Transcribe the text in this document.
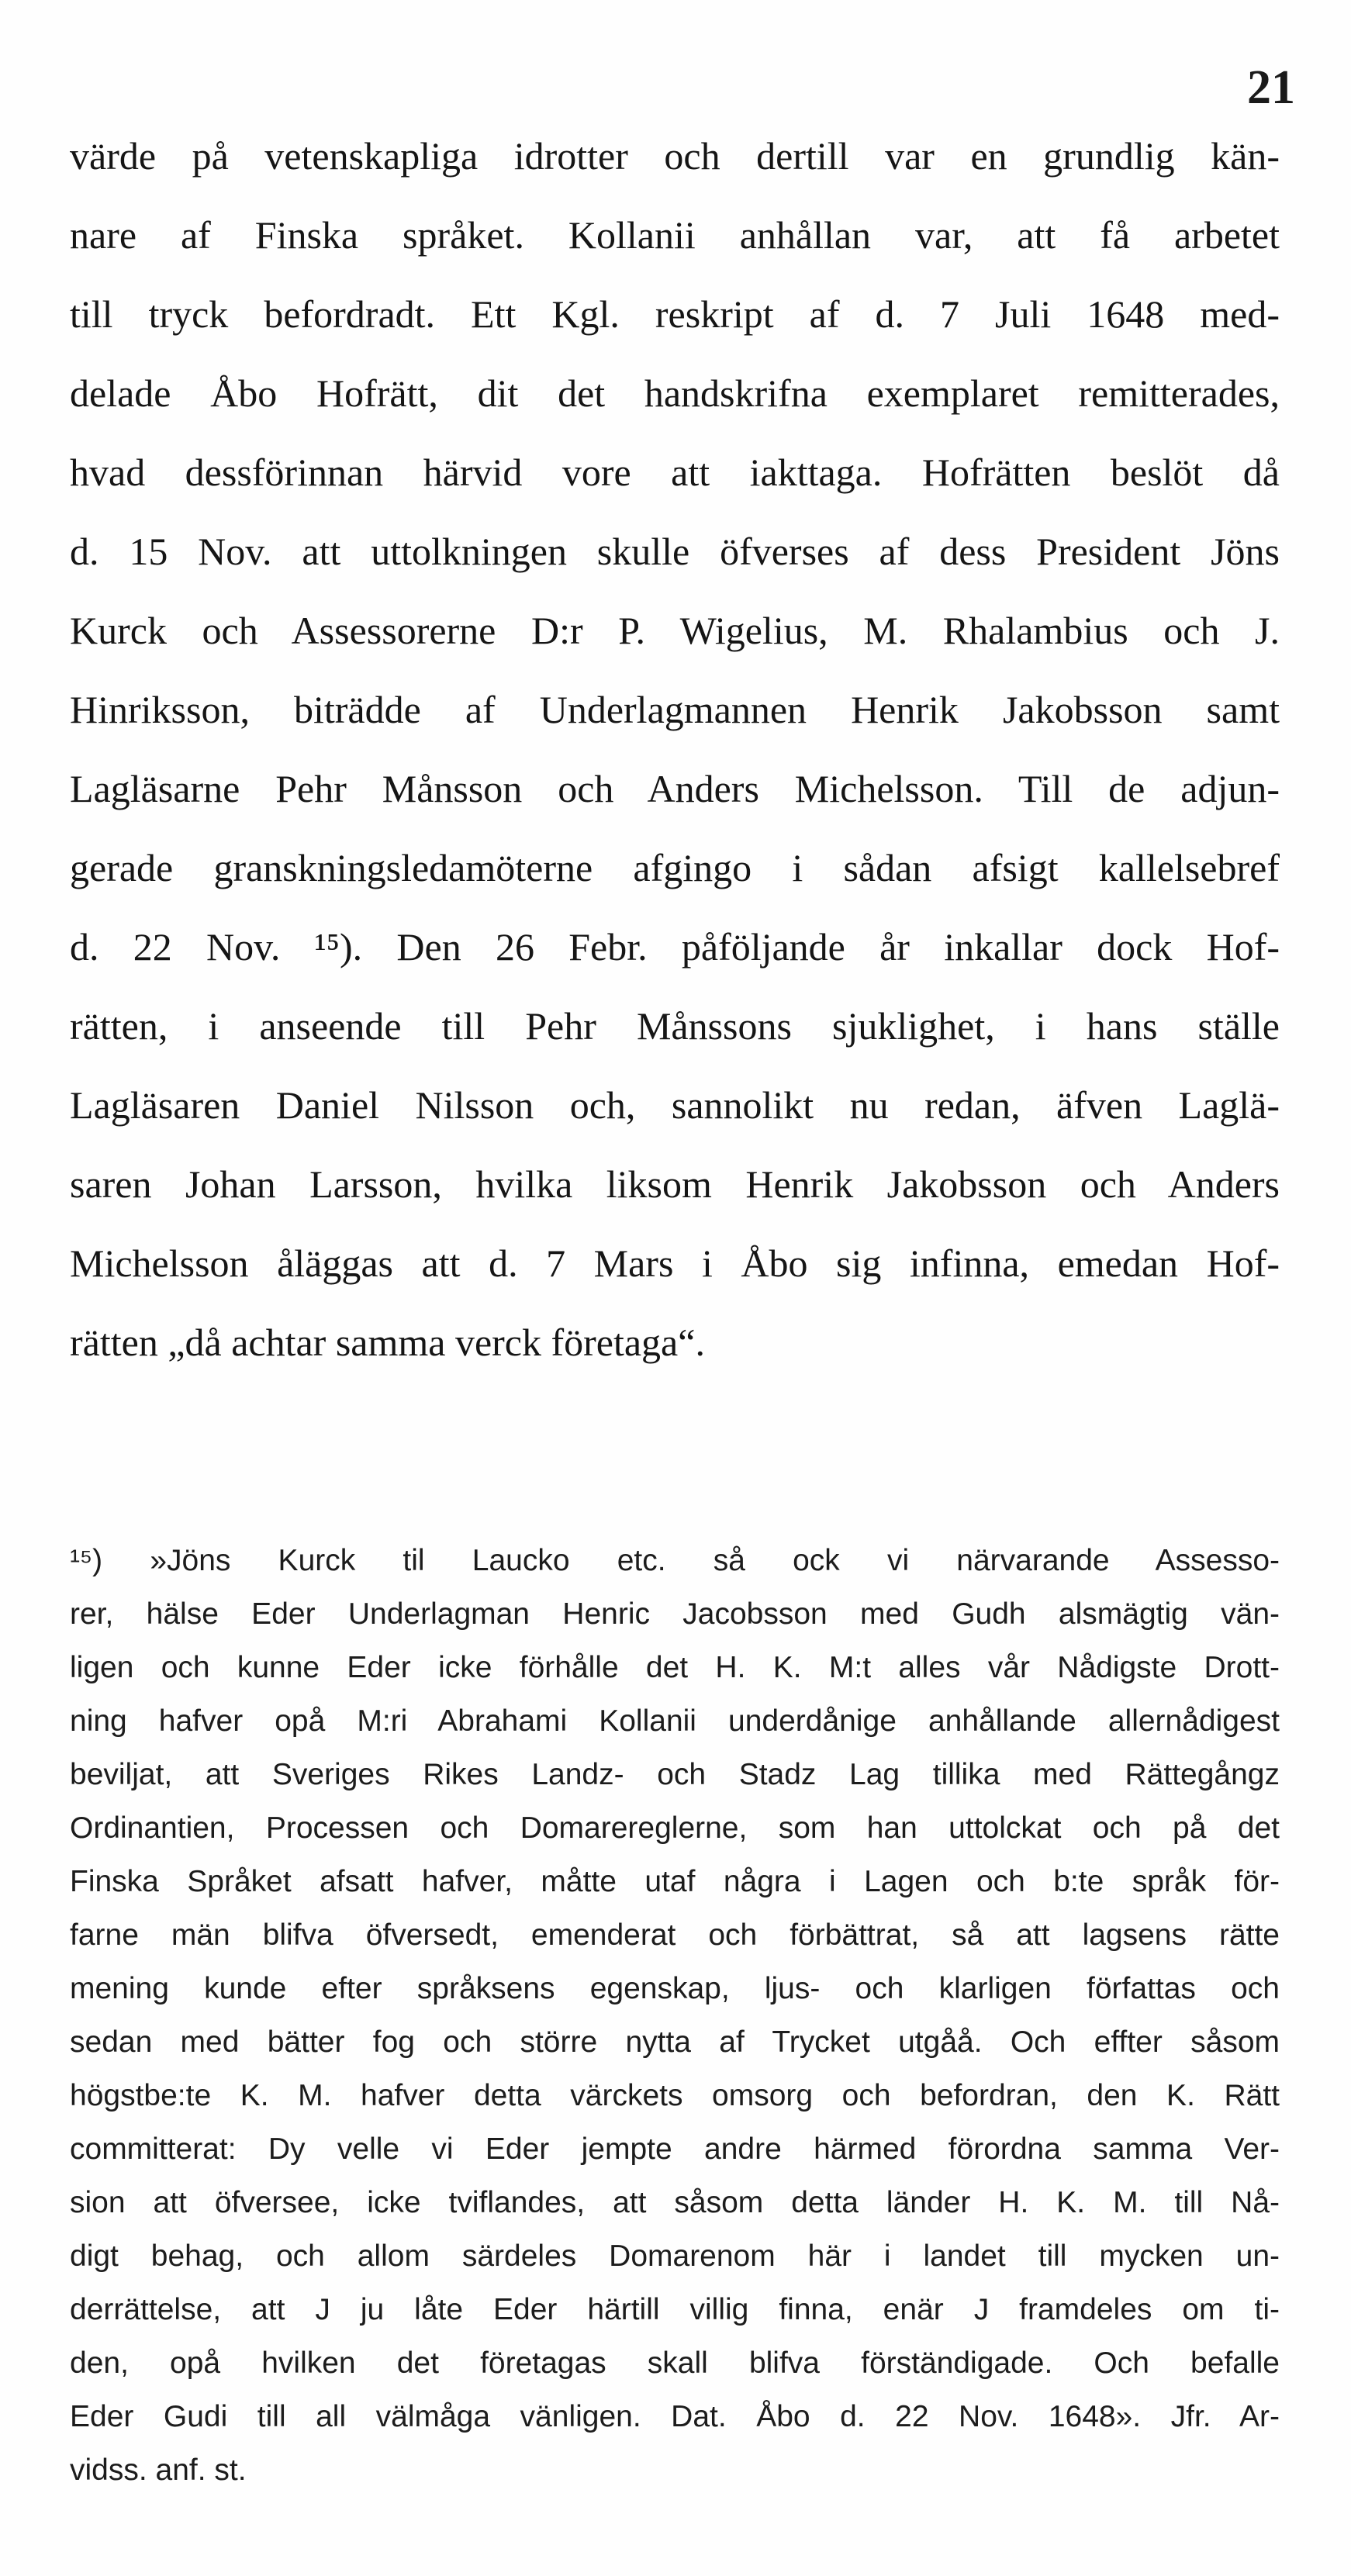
21
värde på vetenskapliga idrotter och dertill var en grundlig kän-
nare af Finska språket. Kollanii anhållan var, att få arbetet
till tryck befordradt. Ett Kgl. reskript af d. 7 Juli 1648 med-
delade Åbo Hofrätt, dit det handskrifna exemplaret remitterades,
hvad dessförinnan härvid vore att iakttaga. Hofrätten beslöt då
d. 15 Nov. att uttolkningen skulle öfverses af dess President Jöns
Kurck och Assessorerne D:r P. Wigelius, M. Rhalambius och J.
Hinriksson, biträdde af Underlagmannen Henrik Jakobsson samt
Lagläsarne Pehr Månsson och Anders Michelsson. Till de adjun-
gerade granskningsledamöterne afgingo i sådan afsigt kallelsebref
d. 22 Nov. ¹⁵). Den 26 Febr. påföljande år inkallar dock Hof-
rätten, i anseende till Pehr Månssons sjuklighet, i hans ställe
Lagläsaren Daniel Nilsson och, sannolikt nu redan, äfven Laglä-
saren Johan Larsson, hvilka liksom Henrik Jakobsson och Anders
Michelsson åläggas att d. 7 Mars i Åbo sig infinna, emedan Hof-
rätten „då achtar samma verck företaga“.
¹⁵) »Jöns Kurck til Laucko etc. så ock vi närvarande Assesso-
rer, hälse Eder Underlagman Henric Jacobsson med Gudh alsmägtig vän-
ligen och kunne Eder icke förhålle det H. K. M:t alles vår Nådigste Drott-
ning hafver opå M:ri Abrahami Kollanii underdånige anhållande allernådigest
beviljat, att Sveriges Rikes Landz- och Stadz Lag tillika med Rättegångz
Ordinantien, Processen och Domarereglerne, som han uttolckat och på det
Finska Språket afsatt hafver, måtte utaf några i Lagen och b:te språk för-
farne män blifva öfversedt, emenderat och förbättrat, så att lagsens rätte
mening kunde efter språksens egenskap, ljus- och klarligen författas och
sedan med bätter fog och större nytta af Trycket utgåå. Och effter såsom
högstbe:te K. M. hafver detta värckets omsorg och befordran, den K. Rätt
committerat: Dy velle vi Eder jempte andre härmed förordna samma Ver-
sion att öfversee, icke tviflandes, att såsom detta länder H. K. M. till Nå-
digt behag, och allom särdeles Domarenom här i landet till mycken un-
derrättelse, att J ju låte Eder härtill villig finna, enär J framdeles om ti-
den, opå hvilken det företagas skall blifva förständigade. Och befalle
Eder Gudi till all välmåga vänligen. Dat. Åbo d. 22 Nov. 1648». Jfr. Ar-
vidss. anf. st.
